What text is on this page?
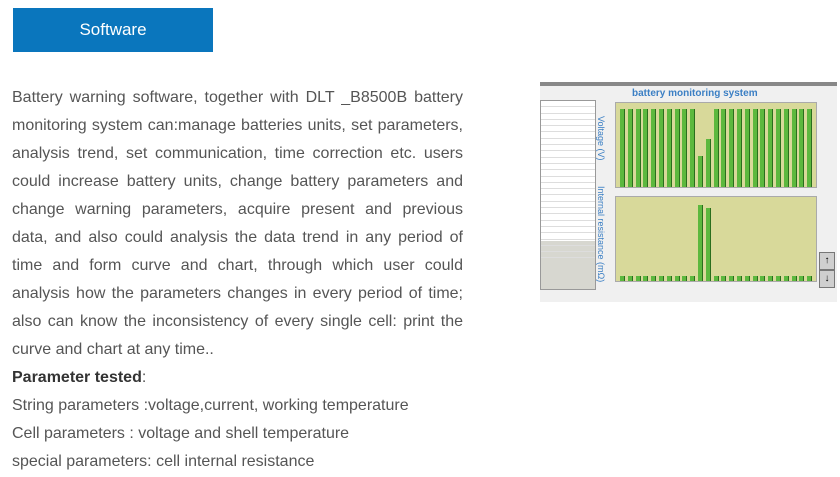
Software

Battery warning software, together with DLT _B8500B battery monitoring system can:manage batteries units, set parameters, analysis trend, set communication, time correction etc. users could increase battery units, change battery parameters and change warning parameters, acquire present and previous data, and also could analysis the data trend in any period of time and form curve and chart, through which user could analysis how the parameters changes in every period of time; also can know the inconsistency of every single cell: print the curve and chart at any time..

Parameter tested:
String parameters :voltage,current, working temperature
Cell parameters : voltage and shell temperature
special parameters: cell internal resistance
battery monitoring system
Voltage (V)
Internal resistance (mΩ)	↑
↓
